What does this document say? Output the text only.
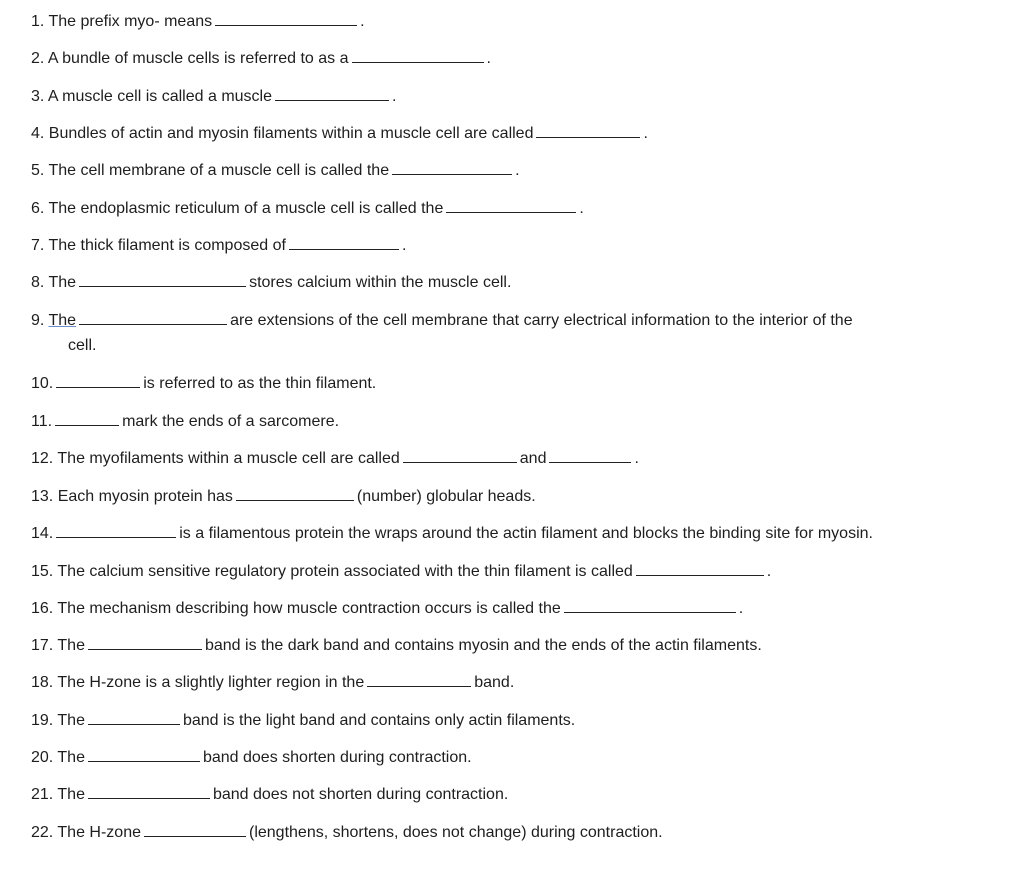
1. The prefix myo- means	.
2. A bundle of muscle cells is referred to as a	.
3. A muscle cell is called a muscle	.
4. Bundles of actin and myosin filaments within a muscle cell are called	.
5. The cell membrane of a muscle cell is called the	.
6. The endoplasmic reticulum of a muscle cell is called the	.
7. The thick filament is composed of	.
8. The	stores calcium within the muscle cell.
9. The	are extensions of the cell membrane that carry electrical information to the interior of the
cell.
10.	is referred to as the thin filament.
11.	mark the ends of a sarcomere.
12. The myofilaments within a muscle cell are called	and	.
13. Each myosin protein has	(number) globular heads.
14.	is a filamentous protein the wraps around the actin filament and blocks the binding site for myosin.
15. The calcium sensitive regulatory protein associated with the thin filament is called	.
16. The mechanism describing how muscle contraction occurs is called the	.
17. The	band is the dark band and contains myosin and the ends of the actin filaments.
18. The H-zone is a slightly lighter region in the	band.
19. The	band is the light band and contains only actin filaments.
20. The	band does shorten during contraction.
21. The	band does not shorten during contraction.
22. The H-zone	(lengthens, shortens, does not change) during contraction.
